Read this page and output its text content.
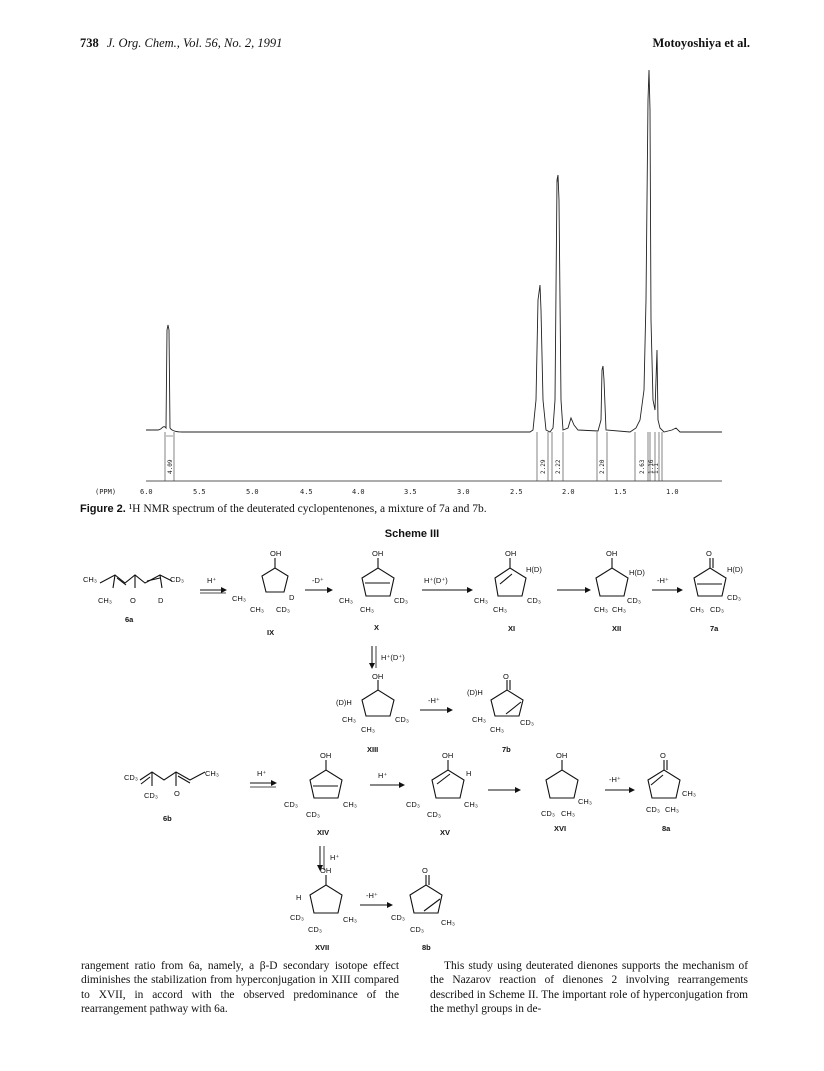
738 J. Org. Chem., Vol. 56, No. 2, 1991	Motoyoshiya et al.
4.09	2.29 2.22	2.20	2.63 1.16
1.1
(PPM)	6.0	5.5	5.0	4.5	4.0	3.5	3.0	2.5	2.0	1.5	1.0
Figure 2. ¹H NMR spectrum of the deuterated cyclopentenones, a mixture of 7a and 7b.
Scheme III
CH₃	CD₃
CH₃ O	D
6a
H⁺
OH
CH₃
CH₃ CD₃
D
IX
-D⁺
OH
CH₃
CH₃
CD₃
X
H⁺(D⁺)
OH
H(D)
CH₃	CD₃
CH₃
XI
OH
H(D)
CD₃
CH₃ CH₃
XII
-H⁺
O
H(D)
CD₃
CH₃ CD₃
7a
H⁺(D⁺)
OH
(D)H
CH₃	CD₃
CH₃
XIII
-H⁺
O
(D)H
CH₃	CD₃
CH₃
7b
CD₃	CH₃
CD₃ O
6b
H⁺
OH
CD₃
CD₃
CH₃
XIV
H⁺
OH
H
CD₃	CH₃
CD₃
XV
OH
CH₃
CD₃ CH₃
XVI
-H⁺
O
CH₃
CD₃ CH₃
8a
H⁺
OH
H
CD₃	CH₃
CD₃
XVII
-H⁺
O
CD₃
CH₃
CD₃
8b

rangement ratio from 6a, namely, a β-D secondary isotope effect diminishes the stabilization from hyperconjugation in XIII compared to XVII, in accord with the observed predominance of the rearrangement pathway with 6a.

This study using deuterated dienones supports the mechanism of the Nazarov reaction of dienones 2 involving rearrangements described in Scheme II. The important role of hyperconjugation from the methyl groups in de-
